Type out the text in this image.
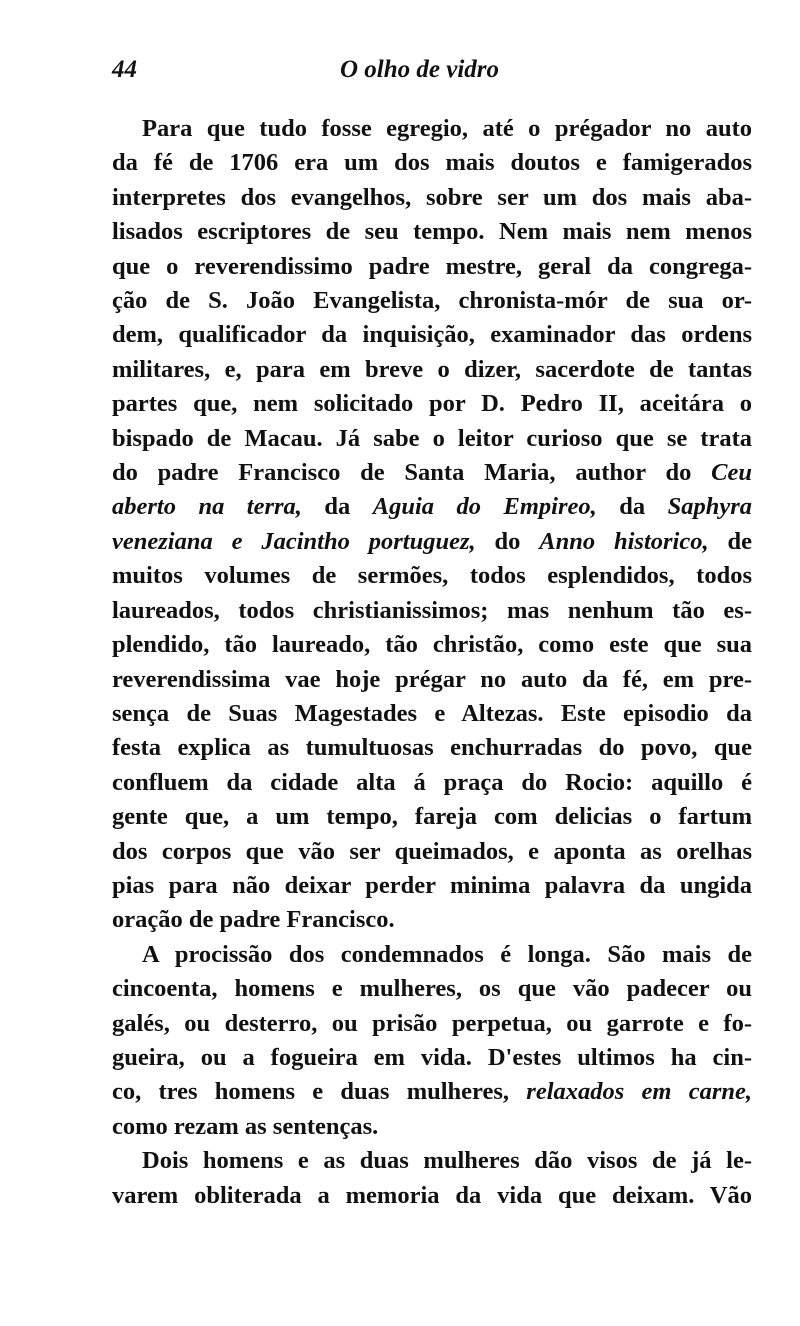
44	O olho de vidro
Para que tudo fosse egregio, até o prégador no auto
da fé de 1706 era um dos mais doutos e famigerados
interpretes dos evangelhos, sobre ser um dos mais aba-
lisados escriptores de seu tempo. Nem mais nem menos
que o reverendissimo padre mestre, geral da congrega-
ção de S. João Evangelista, chronista-mór de sua or-
dem, qualificador da inquisição, examinador das ordens
militares, e, para em breve o dizer, sacerdote de tantas
partes que, nem solicitado por D. Pedro II, aceitára o
bispado de Macau. Já sabe o leitor curioso que se trata
do padre Francisco de Santa Maria, author do Ceu
aberto na terra, da Aguia do Empireo, da Saphyra
veneziana e Jacintho portuguez, do Anno historico, de
muitos volumes de sermões, todos esplendidos, todos
laureados, todos christianissimos; mas nenhum tão es-
plendido, tão laureado, tão christão, como este que sua
reverendissima vae hoje prégar no auto da fé, em pre-
sença de Suas Magestades e Altezas. Este episodio da
festa explica as tumultuosas enchurradas do povo, que
confluem da cidade alta á praça do Rocio: aquillo é
gente que, a um tempo, fareja com delicias o fartum
dos corpos que vão ser queimados, e aponta as orelhas
pias para não deixar perder minima palavra da ungida
oração de padre Francisco.
A procissão dos condemnados é longa. São mais de
cincoenta, homens e mulheres, os que vão padecer ou
galés, ou desterro, ou prisão perpetua, ou garrote e fo-
gueira, ou a fogueira em vida. D'estes ultimos ha cin-
co, tres homens e duas mulheres, relaxados em carne,
como rezam as sentenças.
Dois homens e as duas mulheres dão visos de já le-
varem obliterada a memoria da vida que deixam. Vão
